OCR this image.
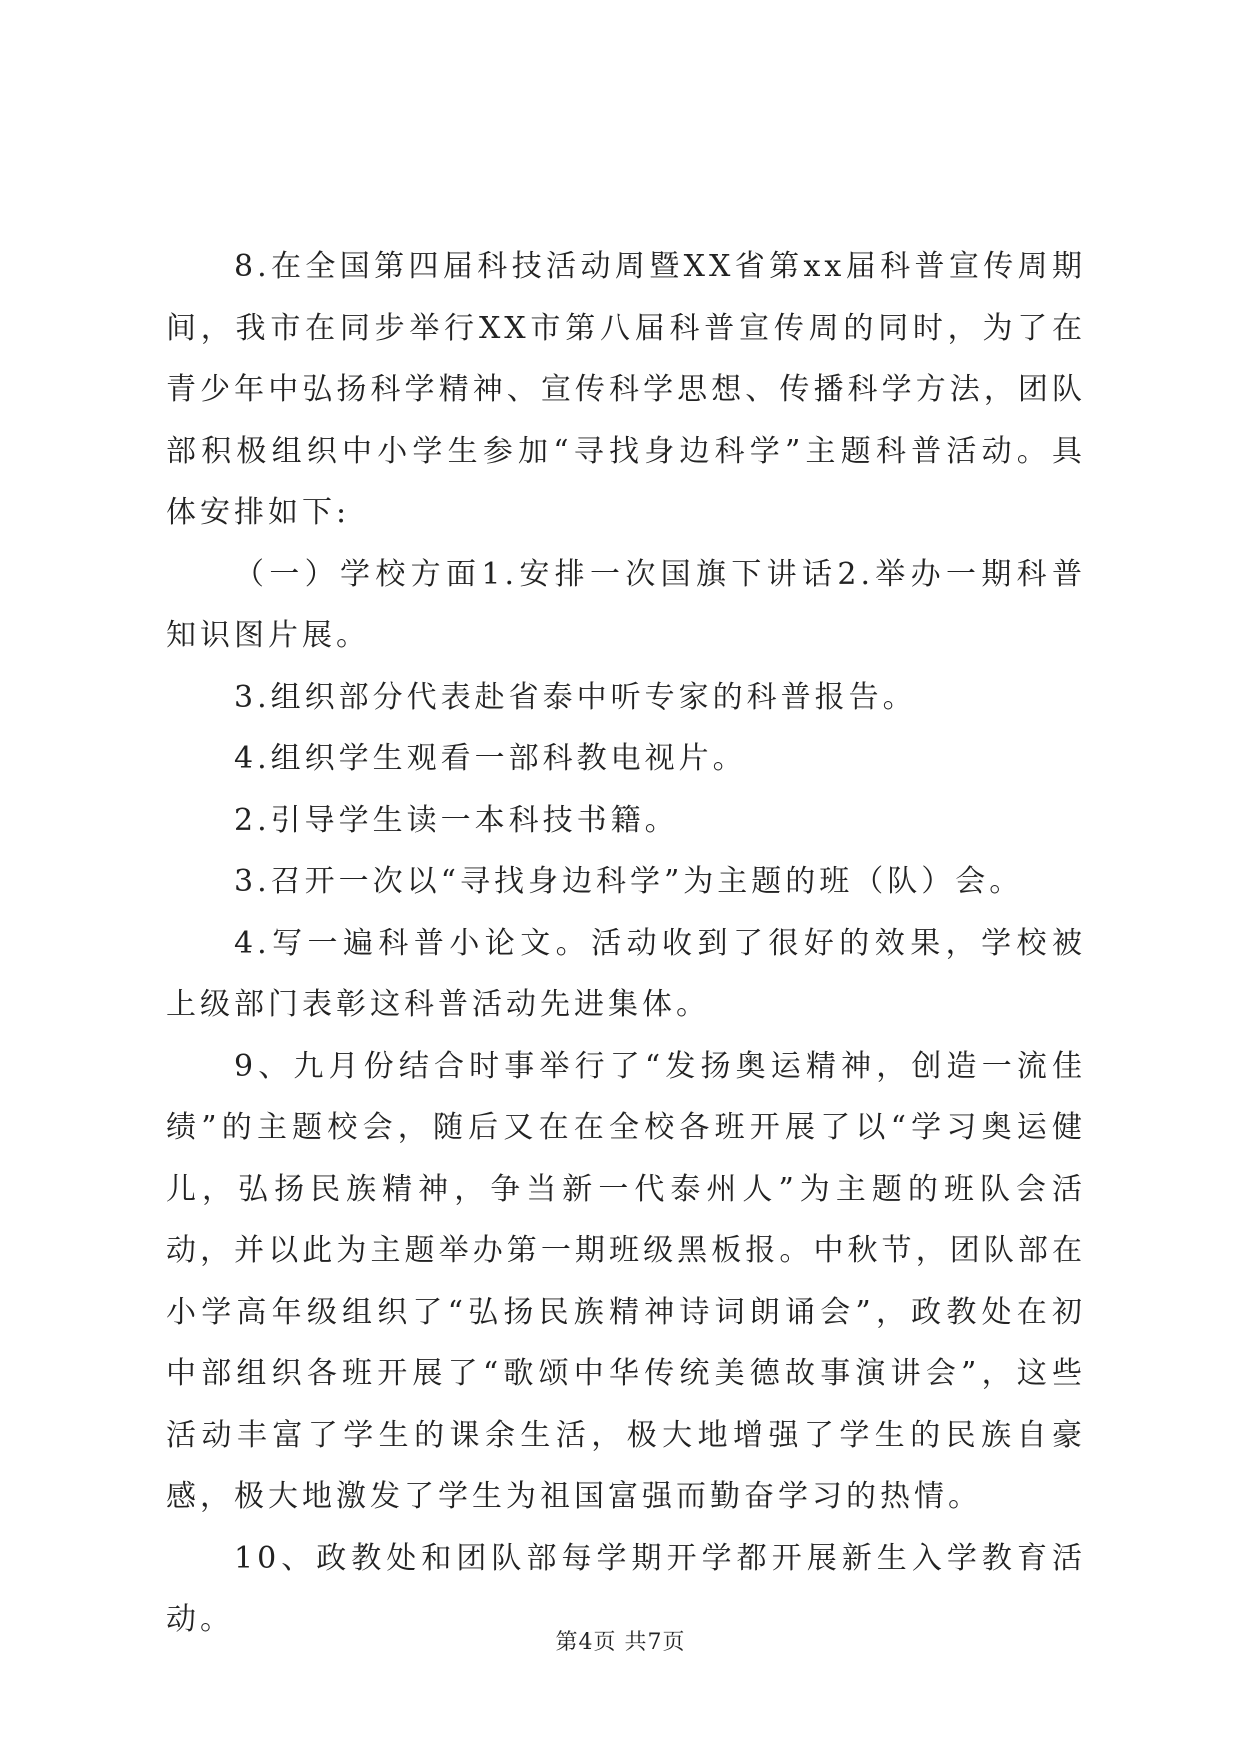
8.在全国第四届科技活动周暨XX省第xx届科普宣传周期间，我市在同步举行XX市第八届科普宣传周的同时，为了在青少年中弘扬科学精神、宣传科学思想、传播科学方法，团队部积极组织中小学生参加“寻找身边科学”主题科普活动。具体安排如下:

（一）学校方面1.安排一次国旗下讲话2.举办一期科普知识图片展。

3.组织部分代表赴省泰中听专家的科普报告。

4.组织学生观看一部科教电视片。

2.引导学生读一本科技书籍。

3.召开一次以“寻找身边科学”为主题的班（队）会。

4.写一遍科普小论文。活动收到了很好的效果，学校被上级部门表彰这科普活动先进集体。

9、九月份结合时事举行了“发扬奥运精神，创造一流佳绩”的主题校会，随后又在在全校各班开展了以“学习奥运健儿，弘扬民族精神，争当新一代泰州人”为主题的班队会活动，并以此为主题举办第一期班级黑板报。中秋节，团队部在小学高年级组织了“弘扬民族精神诗词朗诵会”，政教处在初中部组织各班开展了“歌颂中华传统美德故事演讲会”，这些活动丰富了学生的课余生活，极大地增强了学生的民族自豪感，极大地激发了学生为祖国富强而勤奋学习的热情。

10、政教处和团队部每学期开学都开展新生入学教育活动。

第4页 共7页
